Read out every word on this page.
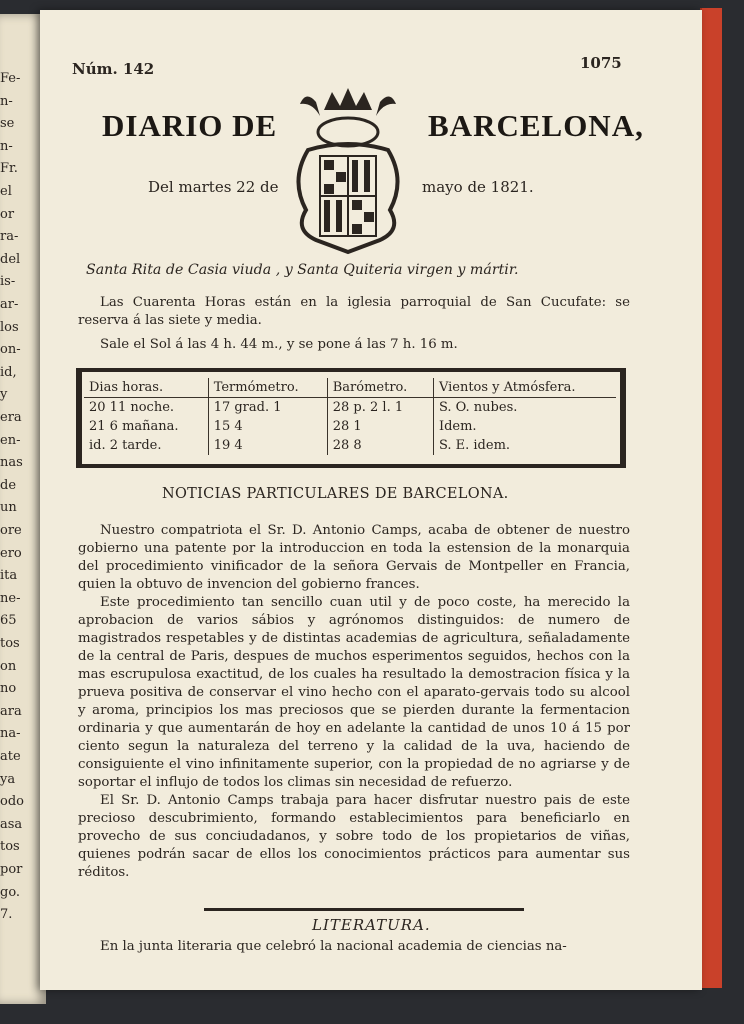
Fe-
n-
se
n-
Fr.
el
or
ra-
del
is-
ar-
los
on-
id,
y
era
en-
nas
de
un
ore
ero
ita
ne-
65
tos
on
no
ara
na-
ate
ya
odo
asa
tos
por
go.
7.
Núm. 142	1075
DIARIO DE	BARCELONA,
Del martes 22 de	mayo de 1821.
Santa Rita de Casia viuda , y Santa Quiteria virgen y mártir.

Las Cuarenta Horas están en la iglesia parroquial de San Cucufate: se reserva á las siete y media.

Sale el Sol á las 4 h. 44 m., y se pone á las 7 h. 16 m.

Dias horas.	Termómetro.	Barómetro.	Vientos y Atmósfera.
20 11 noche.	17 grad. 1	28 p. 2 l. 1	S. O. nubes.
21 6 mañana.	15 4	28 1	Idem.
id. 2 tarde.	19 4	28 8	S. E. idem.
NOTICIAS PARTICULARES DE BARCELONA.

Nuestro compatriota el Sr. D. Antonio Camps, acaba de obtener de nuestro gobierno una patente por la introduccion en toda la estension de la monarquia del procedimiento vinificador de la señora Gervais de Montpeller en Francia, quien la obtuvo de invencion del gobierno frances.

Este procedimiento tan sencillo cuan util y de poco coste, ha merecido la aprobacion de varios sábios y agrónomos distinguidos: de numero de magistrados respetables y de distintas academias de agricultura, señaladamente de la central de Paris, despues de muchos esperimentos seguidos, hechos con la mas escrupulosa exactitud, de los cuales ha resultado la demostracion física y la prueva positiva de conservar el vino hecho con el aparato-gervais todo su alcool y aroma, principios los mas preciosos que se pierden durante la fermentacion ordinaria y que aumentarán de hoy en adelante la cantidad de unos 10 á 15 por ciento segun la naturaleza del terreno y la calidad de la uva, haciendo de consiguiente el vino infinitamente superior, con la propiedad de no agriarse y de soportar el influjo de todos los climas sin necesidad de refuerzo.

El Sr. D. Antonio Camps trabaja para hacer disfrutar nuestro pais de este precioso descubrimiento, formando establecimientos para beneficiarlo en provecho de sus conciudadanos, y sobre todo de los propietarios de viñas, quienes podrán sacar de ellos los conocimientos prácticos para aumentar sus réditos.

LITERATURA.

En la junta literaria que celebró la nacional academia de ciencias na-
